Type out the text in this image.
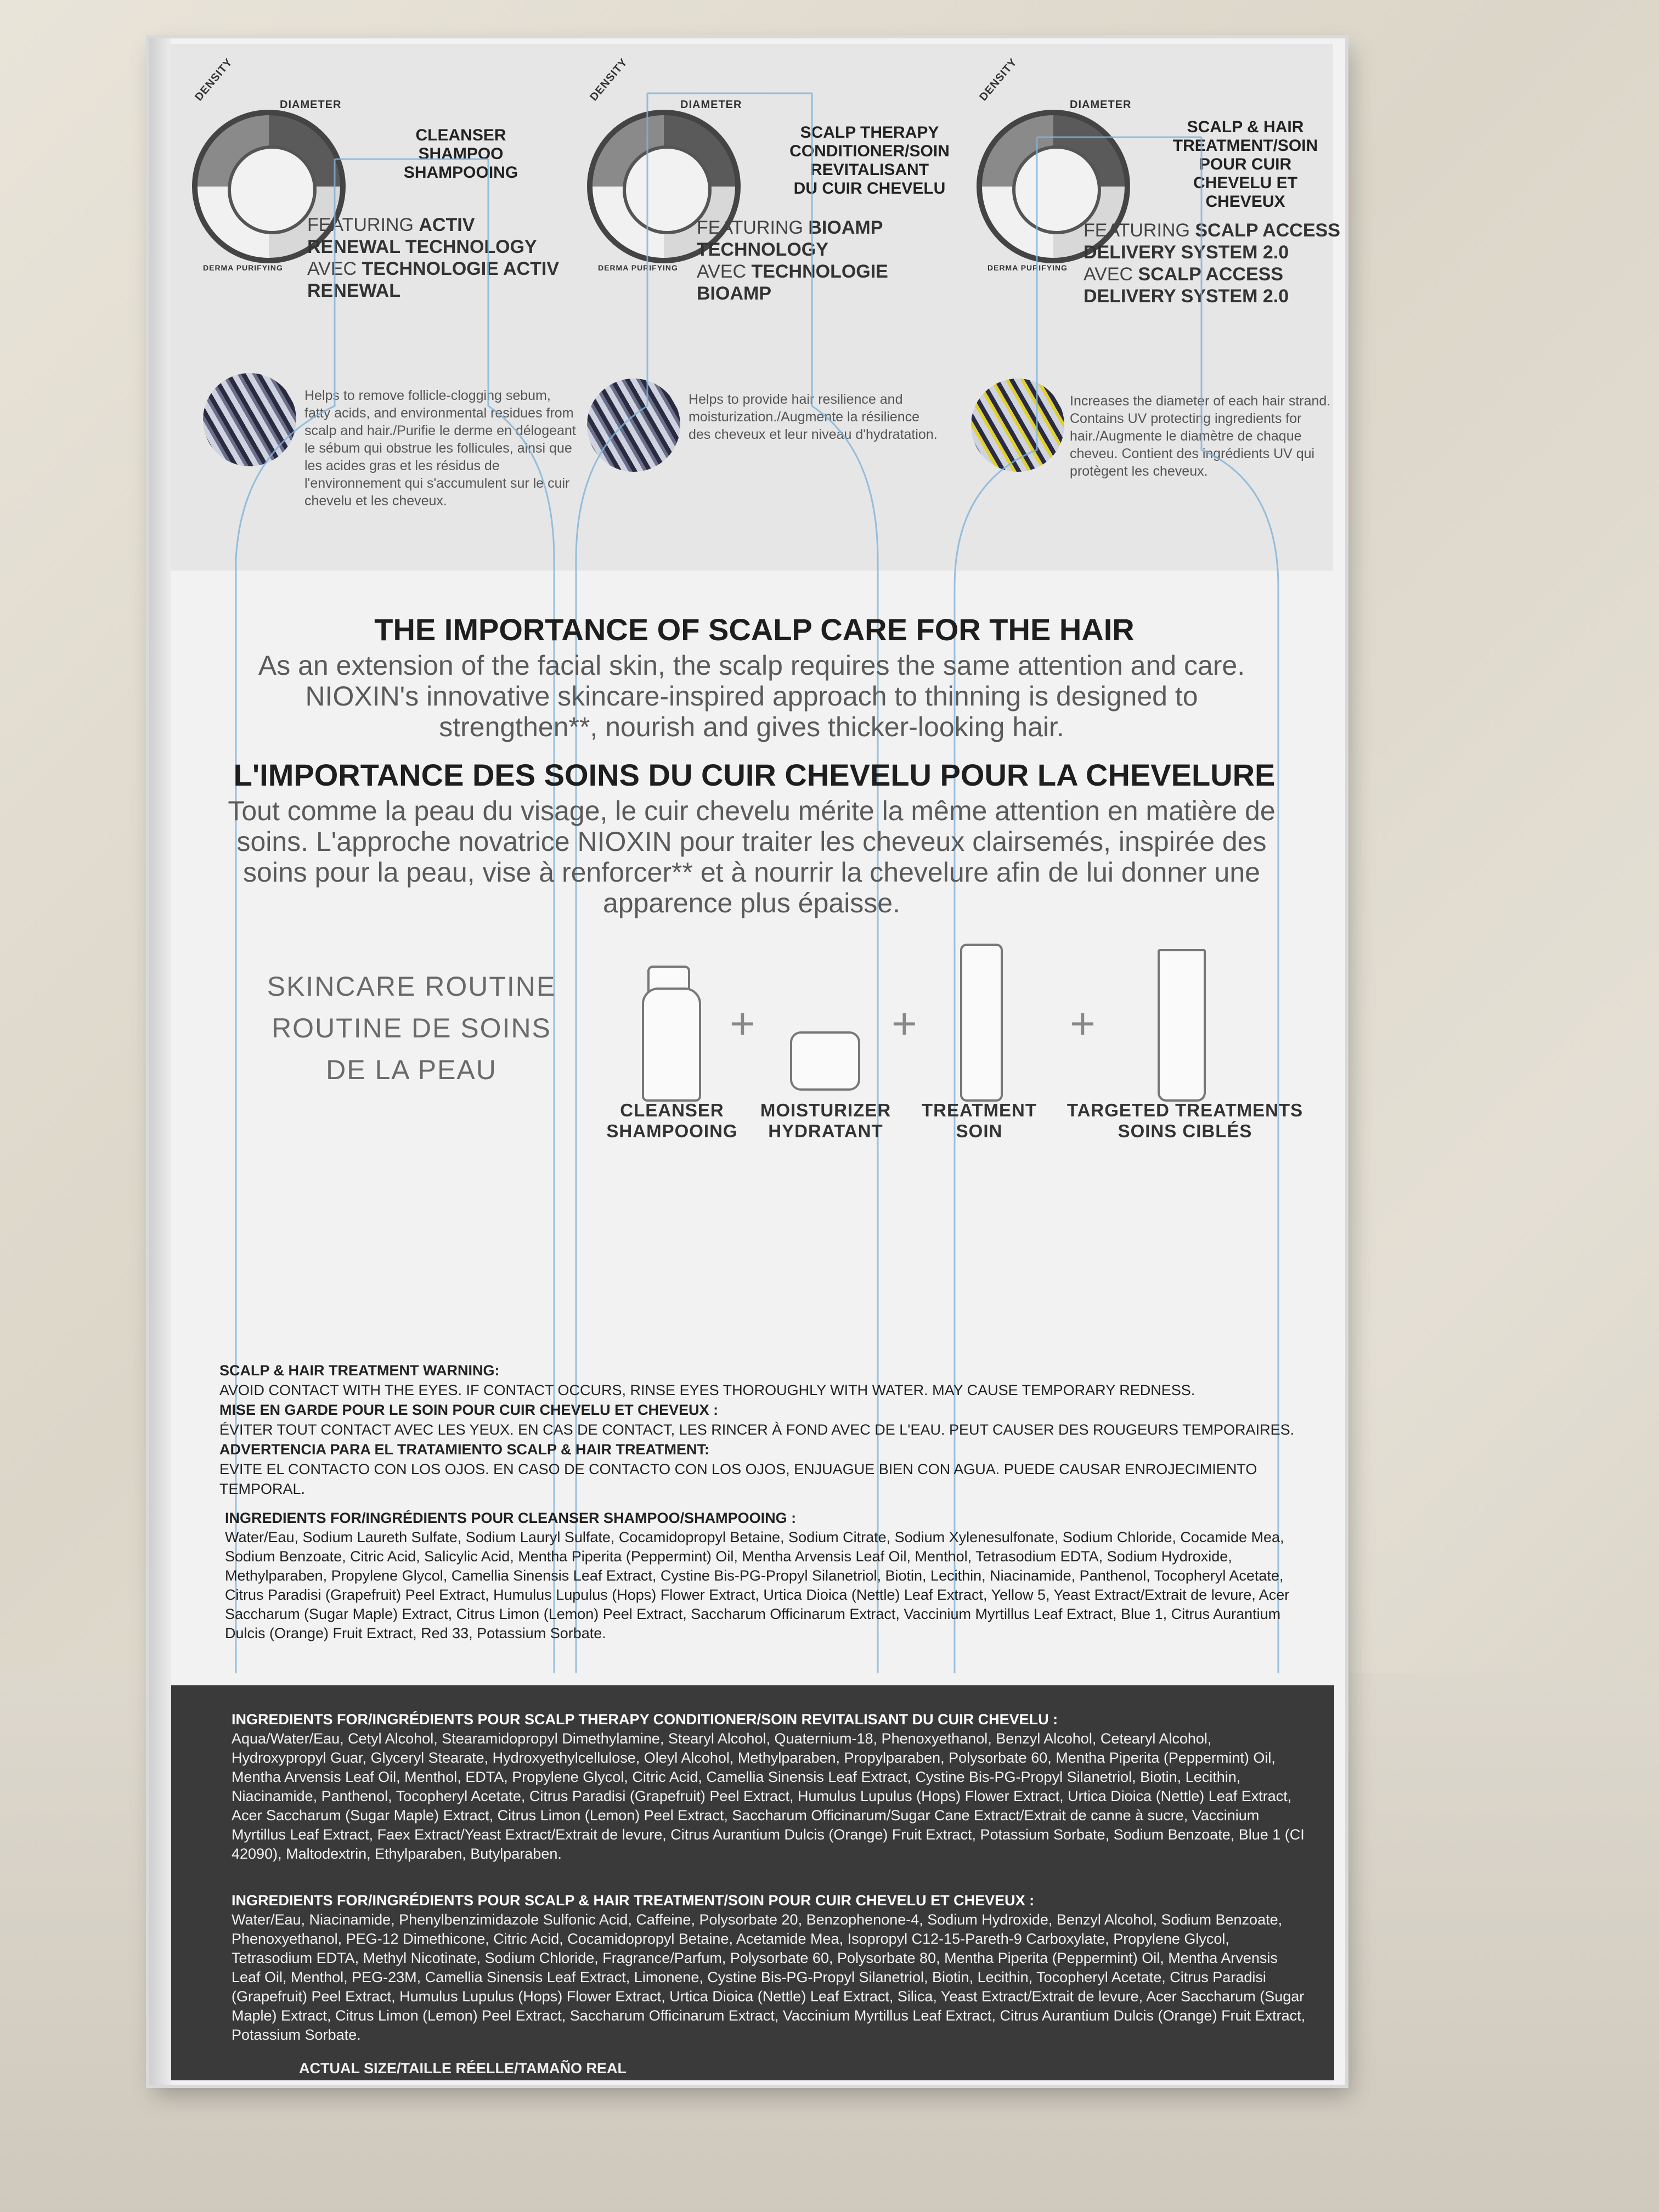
DIAMETER
DENSITY
DERMA PURIFYING
CLEANSER
SHAMPOO
SHAMPOOING
FEATURING ACTIV RENEWAL TECHNOLOGY
AVEC TECHNOLOGIE ACTIV RENEWAL
Helps to remove follicle-clogging sebum, fatty acids, and environmental residues from scalp and hair./Purifie le derme en délogeant le sébum qui obstrue les follicules, ainsi que les acides gras et les résidus de l'environnement qui s'accumulent sur le cuir chevelu et les cheveux.
DIAMETER
DENSITY
DERMA PURIFYING
SCALP THERAPY
CONDITIONER/SOIN
REVITALISANT
DU CUIR CHEVELU
FEATURING BIOAMP TECHNOLOGY
AVEC TECHNOLOGIE BIOAMP
Helps to provide hair resilience and moisturization./Augmente la résilience des cheveux et leur niveau d'hydratation.
DIAMETER
DENSITY
DERMA PURIFYING
SCALP & HAIR
TREATMENT/SOIN
POUR CUIR
CHEVELU ET
CHEVEUX
FEATURING SCALP ACCESS DELIVERY SYSTEM 2.0
AVEC SCALP ACCESS DELIVERY SYSTEM 2.0
Increases the diameter of each hair strand. Contains UV protecting ingredients for hair./Augmente le diamètre de chaque cheveu. Contient des ingrédients UV qui protègent les cheveux.
THE IMPORTANCE OF SCALP CARE FOR THE HAIR
As an extension of the facial skin, the scalp requires the same attention and care. NIOXIN's innovative skincare-inspired approach to thinning is designed to strengthen**, nourish and gives thicker-looking hair.
L'IMPORTANCE DES SOINS DU CUIR CHEVELU POUR LA CHEVELURE
Tout comme la peau du visage, le cuir chevelu mérite la même attention en matière de soins. L'approche novatrice NIOXIN pour traiter les cheveux clairsemés, inspirée des soins pour la peau, vise à renforcer** et à nourrir la chevelure afin de lui donner une apparence plus épaisse.
SKINCARE ROUTINE
ROUTINE DE SOINS
DE LA PEAU
+	+	+
CLEANSER
SHAMPOOING
MOISTURIZER
HYDRATANT
TREATMENT
SOIN
TARGETED TREATMENTS
SOINS CIBLÉS
SCALP & HAIR TREATMENT WARNING:
AVOID CONTACT WITH THE EYES. IF CONTACT OCCURS, RINSE EYES THOROUGHLY WITH WATER. MAY CAUSE TEMPORARY REDNESS.
MISE EN GARDE POUR LE SOIN POUR CUIR CHEVELU ET CHEVEUX :
ÉVITER TOUT CONTACT AVEC LES YEUX. EN CAS DE CONTACT, LES RINCER À FOND AVEC DE L'EAU. PEUT CAUSER DES ROUGEURS TEMPORAIRES.
ADVERTENCIA PARA EL TRATAMIENTO SCALP & HAIR TREATMENT:
EVITE EL CONTACTO CON LOS OJOS. EN CASO DE CONTACTO CON LOS OJOS, ENJUAGUE BIEN CON AGUA. PUEDE CAUSAR ENROJECIMIENTO TEMPORAL.
INGREDIENTS FOR/INGRÉDIENTS POUR CLEANSER SHAMPOO/SHAMPOOING :
Water/Eau, Sodium Laureth Sulfate, Sodium Lauryl Sulfate, Cocamidopropyl Betaine, Sodium Citrate, Sodium Xylenesulfonate, Sodium Chloride, Cocamide Mea, Sodium Benzoate, Citric Acid, Salicylic Acid, Mentha Piperita (Peppermint) Oil, Mentha Arvensis Leaf Oil, Menthol, Tetrasodium EDTA, Sodium Hydroxide, Methylparaben, Propylene Glycol, Camellia Sinensis Leaf Extract, Cystine Bis-PG-Propyl Silanetriol, Biotin, Lecithin, Niacinamide, Panthenol, Tocopheryl Acetate, Citrus Paradisi (Grapefruit) Peel Extract, Humulus Lupulus (Hops) Flower Extract, Urtica Dioica (Nettle) Leaf Extract, Yellow 5, Yeast Extract/Extrait de levure, Acer Saccharum (Sugar Maple) Extract, Citrus Limon (Lemon) Peel Extract, Saccharum Officinarum Extract, Vaccinium Myrtillus Leaf Extract, Blue 1, Citrus Aurantium Dulcis (Orange) Fruit Extract, Red 33, Potassium Sorbate.
INGREDIENTS FOR/INGRÉDIENTS POUR SCALP THERAPY CONDITIONER/SOIN REVITALISANT DU CUIR CHEVELU :
Aqua/Water/Eau, Cetyl Alcohol, Stearamidopropyl Dimethylamine, Stearyl Alcohol, Quaternium-18, Phenoxyethanol, Benzyl Alcohol, Cetearyl Alcohol, Hydroxypropyl Guar, Glyceryl Stearate, Hydroxyethylcellulose, Oleyl Alcohol, Methylparaben, Propylparaben, Polysorbate 60, Mentha Piperita (Peppermint) Oil, Mentha Arvensis Leaf Oil, Menthol, EDTA, Propylene Glycol, Citric Acid, Camellia Sinensis Leaf Extract, Cystine Bis-PG-Propyl Silanetriol, Biotin, Lecithin, Niacinamide, Panthenol, Tocopheryl Acetate, Citrus Paradisi (Grapefruit) Peel Extract, Humulus Lupulus (Hops) Flower Extract, Urtica Dioica (Nettle) Leaf Extract, Acer Saccharum (Sugar Maple) Extract, Citrus Limon (Lemon) Peel Extract, Saccharum Officinarum/Sugar Cane Extract/Extrait de canne à sucre, Vaccinium Myrtillus Leaf Extract, Faex Extract/Yeast Extract/Extrait de levure, Citrus Aurantium Dulcis (Orange) Fruit Extract, Potassium Sorbate, Sodium Benzoate, Blue 1 (CI 42090), Maltodextrin, Ethylparaben, Butylparaben.
INGREDIENTS FOR/INGRÉDIENTS POUR SCALP & HAIR TREATMENT/SOIN POUR CUIR CHEVELU ET CHEVEUX :
Water/Eau, Niacinamide, Phenylbenzimidazole Sulfonic Acid, Caffeine, Polysorbate 20, Benzophenone-4, Sodium Hydroxide, Benzyl Alcohol, Sodium Benzoate, Phenoxyethanol, PEG-12 Dimethicone, Citric Acid, Cocamidopropyl Betaine, Acetamide Mea, Isopropyl C12-15-Pareth-9 Carboxylate, Propylene Glycol, Tetrasodium EDTA, Methyl Nicotinate, Sodium Chloride, Fragrance/Parfum, Polysorbate 60, Polysorbate 80, Mentha Piperita (Peppermint) Oil, Mentha Arvensis Leaf Oil, Menthol, PEG-23M, Camellia Sinensis Leaf Extract, Limonene, Cystine Bis-PG-Propyl Silanetriol, Biotin, Lecithin, Tocopheryl Acetate, Citrus Paradisi (Grapefruit) Peel Extract, Humulus Lupulus (Hops) Flower Extract, Urtica Dioica (Nettle) Leaf Extract, Silica, Yeast Extract/Extrait de levure, Acer Saccharum (Sugar Maple) Extract, Citrus Limon (Lemon) Peel Extract, Saccharum Officinarum Extract, Vaccinium Myrtillus Leaf Extract, Citrus Aurantium Dulcis (Orange) Fruit Extract, Potassium Sorbate.
ACTUAL SIZE/TAILLE RÉELLE/TAMAÑO REAL
